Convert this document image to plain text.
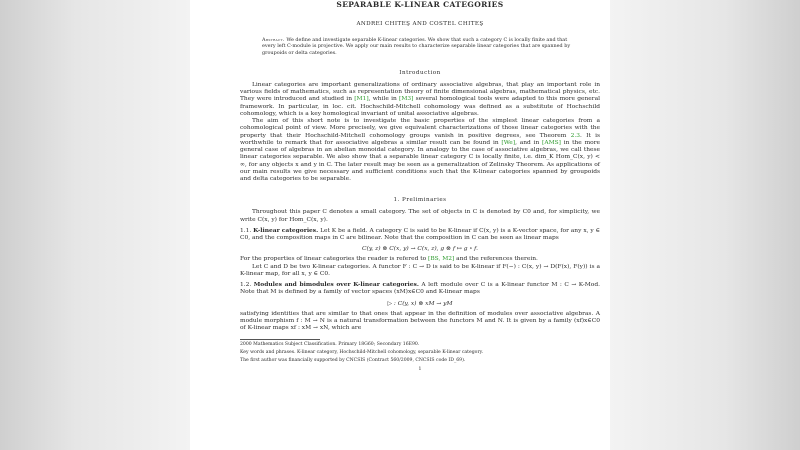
SEPARABLE K-LINEAR CATEGORIES
ANDREI CHITEŞ AND COSTEL CHITEŞ
Abstract. We define and investigate separable K-linear categories. We show that such a category C is locally finite and that every left C-module is projective. We apply our main results to characterize separable linear categories that are spanned by groupoids or delta categories.
Introduction

Linear categories are important generalizations of ordinary associative algebras, that play an important role in various fields of mathematics, such as representation theory of finite dimensional algebras, mathematical physics, etc. They were introduced and studied in [M1], while in [M3] several homological tools were adapted to this more general framework. In particular, in loc. cit. Hochschild-Mitchell cohomology was defined as a substitute of Hochschild cohomology, which is a key homological invariant of unital associative algebras.

The aim of this short note is to investigate the basic properties of the simplest linear categories from a cohomological point of view. More precisely, we give equivalent characterizations of those linear categories with the property that their Hochschild-Mitchell cohomology groups vanish in positive degrees, see Theorem 2.3. It is worthwhile to remark that for associative algebras a similar result can be found in [We], and in [AMS] in the more general case of algebras in an abelian monoidal category. In analogy to the case of associative algebras, we call these linear categories separable. We also show that a separable linear category C is locally finite, i.e. dim_K Hom_C(x, y) < ∞, for any objects x and y in C. The later result may be seen as a generalization of Zelinsky Theorem. As applications of our main results we give necessary and sufficient conditions such that the K-linear categories spanned by groupoids and delta categories to be separable.

1. Preliminaries

Throughout this paper C denotes a small category. The set of objects in C is denoted by C0 and, for simplicity, we write C(x, y) for Hom_C(x, y).

1.1. K-linear categories. Let K be a field. A category C is said to be K-linear if C(x, y) is a K-vector space, for any x, y ∈ C0, and the composition maps in C are bilinear. Note that the composition in C can be seen as linear maps

C(y, z) ⊗ C(x, y) → C(x, z), g ⊗ f ↦ g ∘ f.

For the properties of linear categories the reader is refered to [BS, M2] and the references therein.

Let C and D be two K-linear categories. A functor F : C → D is said to be K-linear if F(−) : C(x, y) → D(F(x), F(y)) is a K-linear map, for all x, y ∈ C0.

1.2. Modules and bimodules over K-linear categories. A left module over C is a K-linear functor M : C → K-Mod. Note that M is defined by a family of vector spaces (xM)x∈C0 and K-linear maps

▷ : C(y, x) ⊗ xM → yM

satisfying identities that are similar to that ones that appear in the definition of modules over associative algebras. A module morphism f : M → N is a natural transformation between the functors M and N. It is given by a family (xf)x∈C0 of K-linear maps xf : xM → xN, which are

2000 Mathematics Subject Classification. Primary 18G60; Secondary 16E90.
Key words and phrases. K-linear category, Hochschild-Mitchell cohomology, separable K-linear category.
The first author was financially supported by CNCSIS (Contract 560/2009, CNCSIS code ID_69).
1
